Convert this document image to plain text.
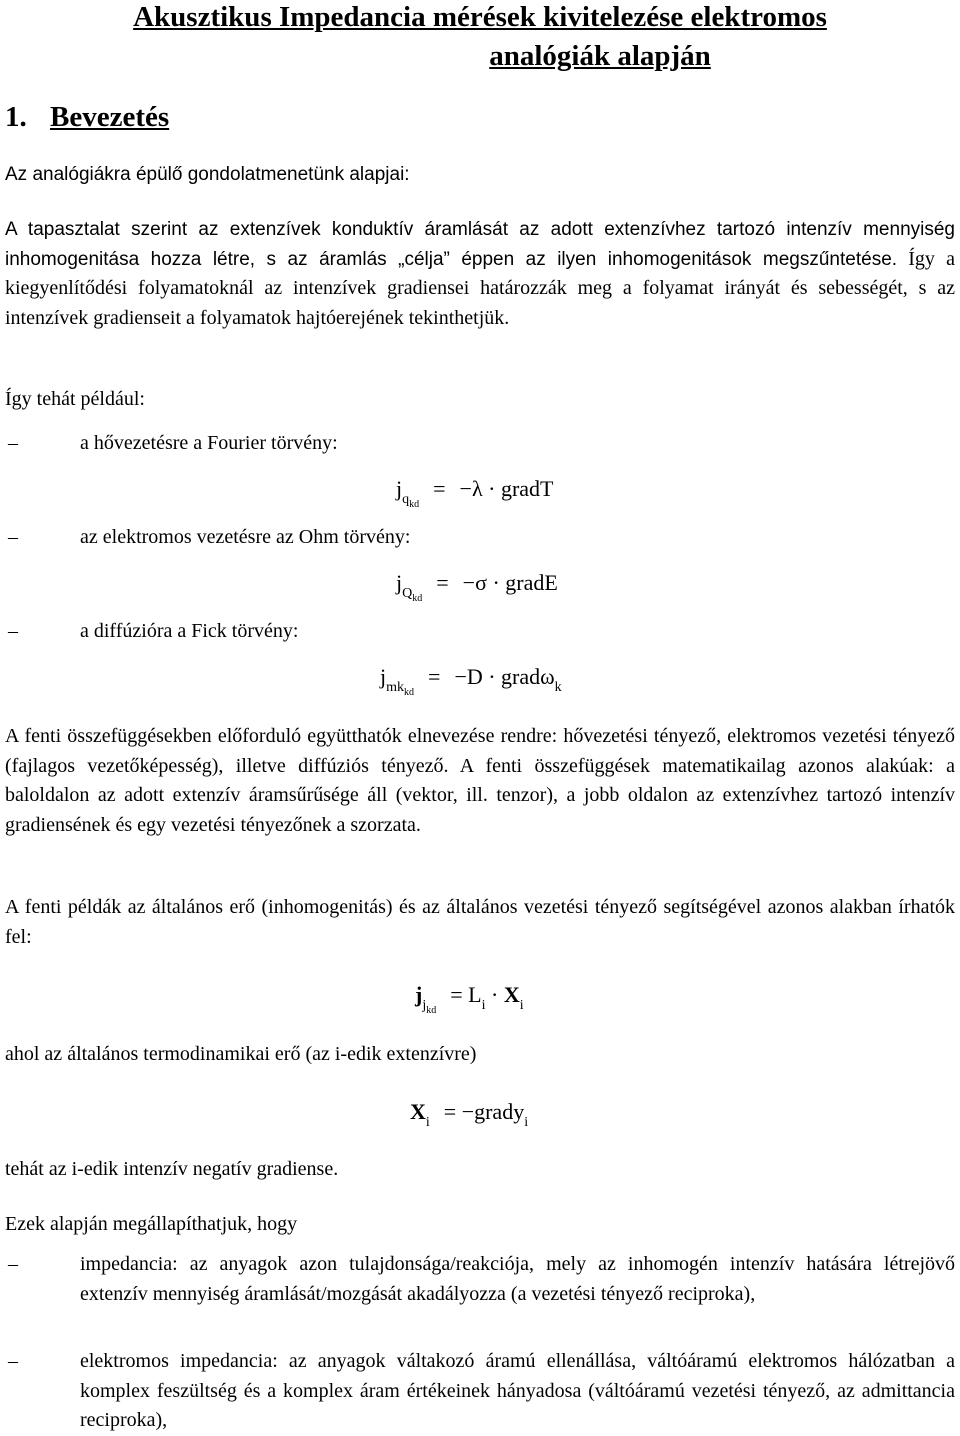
Akusztikus Impedancia mérések kivitelezése elektromos
analógiák alapján
1. Bevezetés
Az analógiákra épülő gondolatmenetünk alapjai:
A tapasztalat szerint az extenzívek konduktív áramlását az adott extenzívhez tartozó intenzív mennyiség inhomogenitása hozza létre, s az áramlás „célja” éppen az ilyen inhomogenitások megszűntetése. Így a kiegyenlítődési folyamatoknál az intenzívek gradiensei határozzák meg a folyamat irányát és sebességét, s az intenzívek gradienseit a folyamatok hajtóerejének tekinthetjük.
Így tehát például:
–	a hővezetésre a Fourier törvény:
$j_{qkd}= -\lambda$ · gradT
–	az elektromos vezetésre az Ohm törvény:
$j_{Qkd}= -\sigma$ · gradE
–	a diffúzióra a Fick törvény:
$j_{mkkd}= -D$ · gradω$_k$
A fenti összefüggésekben előforduló együtthatók elnevezése rendre: hővezetési tényező, elektromos vezetési tényező (fajlagos vezetőképesség), illetve diffúziós tényező. A fenti összefüggések matematikailag azonos alakúak: a baloldalon az adott extenzív áramsűrűsége áll (vektor, ill. tenzor), a jobb oldalon az extenzívhez tartozó intenzív gradiensének és egy vezetési tényezőnek a szorzata.
A fenti példák az általános erő (inhomogenitás) és az általános vezetési tényező segítségével azonos alakban írhatók fel:
$j_{jkd}= L_i \cdot X_i$
ahol az általános termodinamikai erő (az i-edik extenzívre)
$X_i$ = −grady$_i$
tehát az i-edik intenzív negatív gradiense.
Ezek alapján megállapíthatjuk, hogy
–	impedancia: az anyagok azon tulajdonsága/reakciója, mely az inhomogén intenzív hatására létrejövő extenzív mennyiség áramlását/mozgását akadályozza (a vezetési tényező reciproka),
–	elektromos impedancia: az anyagok váltakozó áramú ellenállása, váltóáramú elektromos hálózatban a komplex feszültség és a komplex áram értékeinek hányadosa (váltóáramú vezetési tényező, az admittancia reciproka),
